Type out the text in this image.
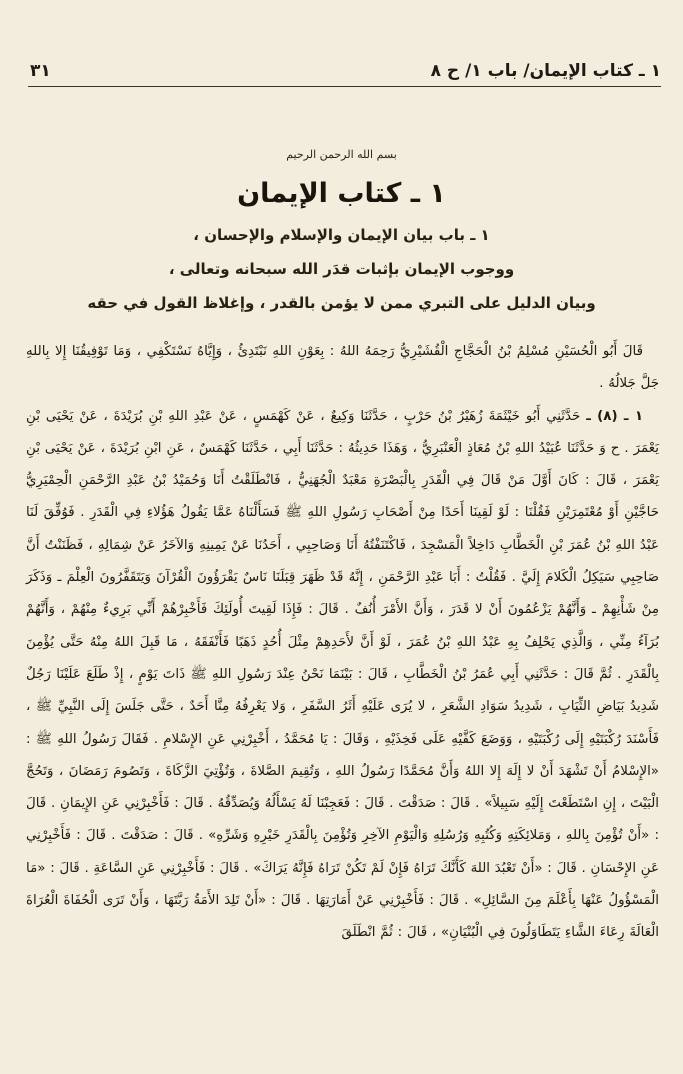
٣١	١ ـ كتاب الإيمان/ باب ١/ ح ٨
بسم الله الرحمن الرحيم
١ ـ كتاب الإيمان
١ ـ باب بيان الإيمان والإسلام والإحسان ،
ووجوب الإيمان بإثبات قدَر الله سبحانه وتعالى ،
وبيان الدليل على التبري ممن لا يؤمن بالقدر ، وإغلاظ القول في حقه

قَالَ أَبُو الْحُسَيْنِ مُسْلِمُ بْنُ الْحَجَّاجِ الْقُشَيْرِيُّ رَحِمَهُ اللهُ : بِعَوْنِ اللهِ نَبْتَدِئُ ، وَإِيَّاهُ نَسْتَكْفِي ، وَمَا تَوْفِيقُنَا إِلا بِاللهِ جَلَّ جَلالُهُ .

١ ـ (٨) ـ حَدَّثَنِي أَبُو خَيْثَمَةَ زُهَيْرُ بْنُ حَرْبٍ ، حَدَّثَنَا وَكِيعٌ ، عَنْ كَهْمَسٍ ، عَنْ عَبْدِ اللهِ بْنِ بُرَيْدَةَ ، عَنْ يَحْيَى بْنِ يَعْمَرَ . ح وَ حَدَّثَنَا عُبَيْدُ اللهِ بْنُ مُعَاذٍ الْعَنْبَرِيُّ ، وَهَذَا حَدِيثُهُ : حَدَّثَنَا أَبِي ، حَدَّثَنَا كَهْمَسٌ ، عَنِ ابْنِ بُرَيْدَةَ ، عَنْ يَحْيَى بْنِ يَعْمَرَ ، قَالَ : كَانَ أَوَّلَ مَنْ قَالَ فِي الْقَدَرِ بِالْبَصْرَةِ مَعْبَدٌ الْجُهَنِيُّ ، فَانْطَلَقْتُ أَنَا وَحُمَيْدُ بْنُ عَبْدِ الرَّحْمَنِ الْحِمْيَرِيُّ حَاجَّيْنِ أَوْ مُعْتَمِرَيْنِ فَقُلْنَا : لَوْ لَقِينَا أَحَدًا مِنْ أَصْحَابِ رَسُولِ اللهِ ﷺ فَسَأَلْنَاهُ عَمَّا يَقُولُ هَؤُلاءِ فِي الْقَدَرِ . فَوُفِّقَ لَنَا عَبْدُ اللهِ بْنُ عُمَرَ بْنِ الْخَطَّابِ دَاخِلاً الْمَسْجِدَ ، فَاكْتَنَفْتُهُ أَنَا وَصَاحِبِي ، أَحَدُنَا عَنْ يَمِينِهِ وَالآخَرُ عَنْ شِمَالِهِ ، فَظَنَنْتُ أَنَّ صَاحِبِي سَيَكِلُ الْكَلامَ إِلَيَّ . فَقُلْتُ : أَبَا عَبْدِ الرَّحْمَنِ ، إِنَّهُ قَدْ ظَهَرَ قِبَلَنَا نَاسٌ يَقْرَؤُونَ الْقُرْآنَ وَيَتَقَفَّرُونَ الْعِلْمَ ـ وَذَكَرَ مِنْ شَأْنِهِمْ ـ وَأَنَّهُمْ يَزْعُمُونَ أَنْ لا قَدَرَ ، وَأَنَّ الأَمْرَ أُنُفٌ . قَالَ : فَإِذَا لَقِيتَ أُولَئِكَ فَأَخْبِرْهُمْ أَنِّي بَرِيءٌ مِنْهُمْ ، وَأَنَّهُمْ بُرَآءُ مِنِّي ، وَالَّذِي يَحْلِفُ بِهِ عَبْدُ اللهِ بْنُ عُمَرَ ، لَوْ أَنَّ لأَحَدِهِمْ مِثْلَ أُحُدٍ ذَهَبًا فَأَنْفَقَهُ ، مَا قَبِلَ اللهُ مِنْهُ حَتَّى يُؤْمِنَ بِالْقَدَرِ . ثُمَّ قَالَ : حَدَّثَنِي أَبِي عُمَرُ بْنُ الْخَطَّابِ ، قَالَ : بَيْنَمَا نَحْنُ عِنْدَ رَسُولِ اللهِ ﷺ ذَاتَ يَوْمٍ ، إِذْ طَلَعَ عَلَيْنَا رَجُلٌ شَدِيدُ بَيَاضِ الثِّيَابِ ، شَدِيدُ سَوَادِ الشَّعَرِ ، لا يُرَى عَلَيْهِ أَثَرُ السَّفَرِ ، وَلا يَعْرِفُهُ مِنَّا أَحَدٌ ، حَتَّى جَلَسَ إِلَى النَّبِيِّ ﷺ ، فَأَسْنَدَ رُكْبَتَيْهِ إِلَى رُكْبَتَيْهِ ، وَوَضَعَ كَفَّيْهِ عَلَى فَخِذَيْهِ ، وَقَالَ : يَا مُحَمَّدُ ، أَخْبِرْنِي عَنِ الإِسْلامِ . فَقَالَ رَسُولُ اللهِ ﷺ : «الإِسْلامُ أَنْ تَشْهَدَ أَنْ لا إِلَهَ إِلا اللهُ وَأَنَّ مُحَمَّدًا رَسُولُ اللهِ ، وَتُقِيمَ الصَّلاةَ ، وَتُؤْتِيَ الزَّكَاةَ ، وَتَصُومَ رَمَضَانَ ، وَتَحُجَّ الْبَيْتَ ، إِنِ اسْتَطَعْتَ إِلَيْهِ سَبِيلاً» . قَالَ : صَدَقْتَ . قَالَ : فَعَجِبْنَا لَهُ يَسْأَلُهُ وَيُصَدِّقُهُ . قَالَ : فَأَخْبِرْنِي عَنِ الإِيمَانِ . قَالَ : «أَنْ تُؤْمِنَ بِاللهِ ، وَمَلائِكَتِهِ وَكُتُبِهِ وَرُسُلِهِ وَالْيَوْمِ الآخِرِ وَتُؤْمِنَ بِالْقَدَرِ خَيْرِهِ وَشَرِّهِ» . قَالَ : صَدَقْتَ . قَالَ : فَأَخْبِرْنِي عَنِ الإِحْسَانِ . قَالَ : «أَنْ تَعْبُدَ اللهَ كَأَنَّكَ تَرَاهُ فَإِنْ لَمْ تَكُنْ تَرَاهُ فَإِنَّهُ يَرَاكَ» . قَالَ : فَأَخْبِرْنِي عَنِ السَّاعَةِ . قَالَ : «مَا الْمَسْؤُولُ عَنْهَا بِأَعْلَمَ مِنَ السَّائِلِ» . قَالَ : فَأَخْبِرْنِي عَنْ أَمَارَتِهَا . قَالَ : «أَنْ تَلِدَ الأَمَةُ رَبَّتَهَا ، وَأَنْ تَرَى الْحُفَاةَ الْعُرَاةَ الْعَالَةَ رِعَاءَ الشَّاءِ يَتَطَاوَلُونَ فِي الْبُنْيَانِ» ، قَالَ : ثُمَّ انْطَلَقَ
